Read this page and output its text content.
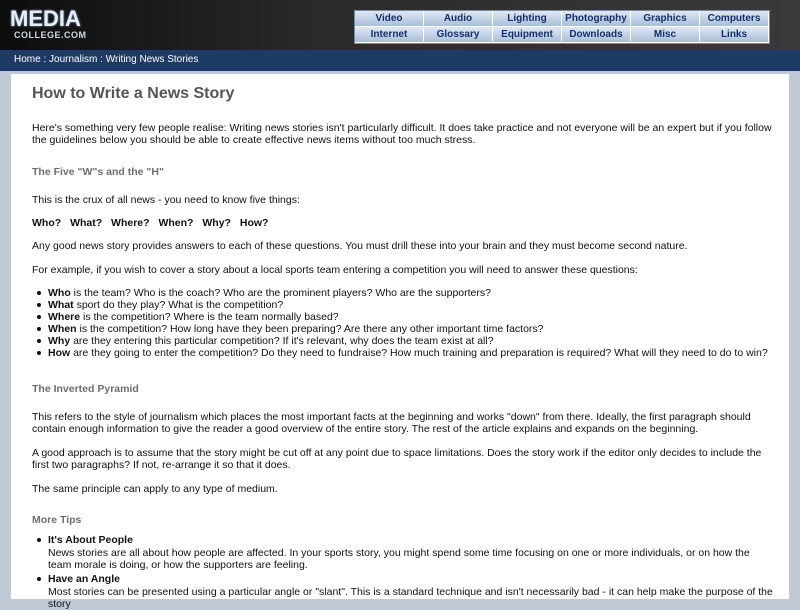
MEDIA
COLLEGE.COM
Video	Audio	Lighting	Photography	Graphics	Computers
Internet	Glossary	Equipment	Downloads	Misc	Links
Home : Journalism : Writing News Stories
How to Write a News Story
Here's something very few people realise: Writing news stories isn't particularly difficult. It does take practice and not everyone will be an expert but if you follow the guidelines below you should be able to create effective news items without too much stress.
The Five "W"s and the "H"
This is the crux of all news - you need to know five things:
Who? What? Where? When? Why? How?
Any good news story provides answers to each of these questions. You must drill these into your brain and they must become second nature.
For example, if you wish to cover a story about a local sports team entering a competition you will need to answer these questions:
Who is the team? Who is the coach? Who are the prominent players? Who are the supporters?
What sport do they play? What is the competition?
Where is the competition? Where is the team normally based?
When is the competition? How long have they been preparing? Are there any other important time factors?
Why are they entering this particular competition? If it's relevant, why does the team exist at all?
How are they going to enter the competition? Do they need to fundraise? How much training and preparation is required? What will they need to do to win?
The Inverted Pyramid
This refers to the style of journalism which places the most important facts at the beginning and works "down" from there. Ideally, the first paragraph should contain enough information to give the reader a good overview of the entire story. The rest of the article explains and expands on the beginning.
A good approach is to assume that the story might be cut off at any point due to space limitations. Does the story work if the editor only decides to include the first two paragraphs? If not, re-arrange it so that it does.
The same principle can apply to any type of medium.
More Tips
It's About People
News stories are all about how people are affected. In your sports story, you might spend some time focusing on one or more individuals, or on how the team morale is doing, or how the supporters are feeling.
Have an Angle
Most stories can be presented using a particular angle or "slant". This is a standard technique and isn't necessarily bad - it can help make the purpose of the story
